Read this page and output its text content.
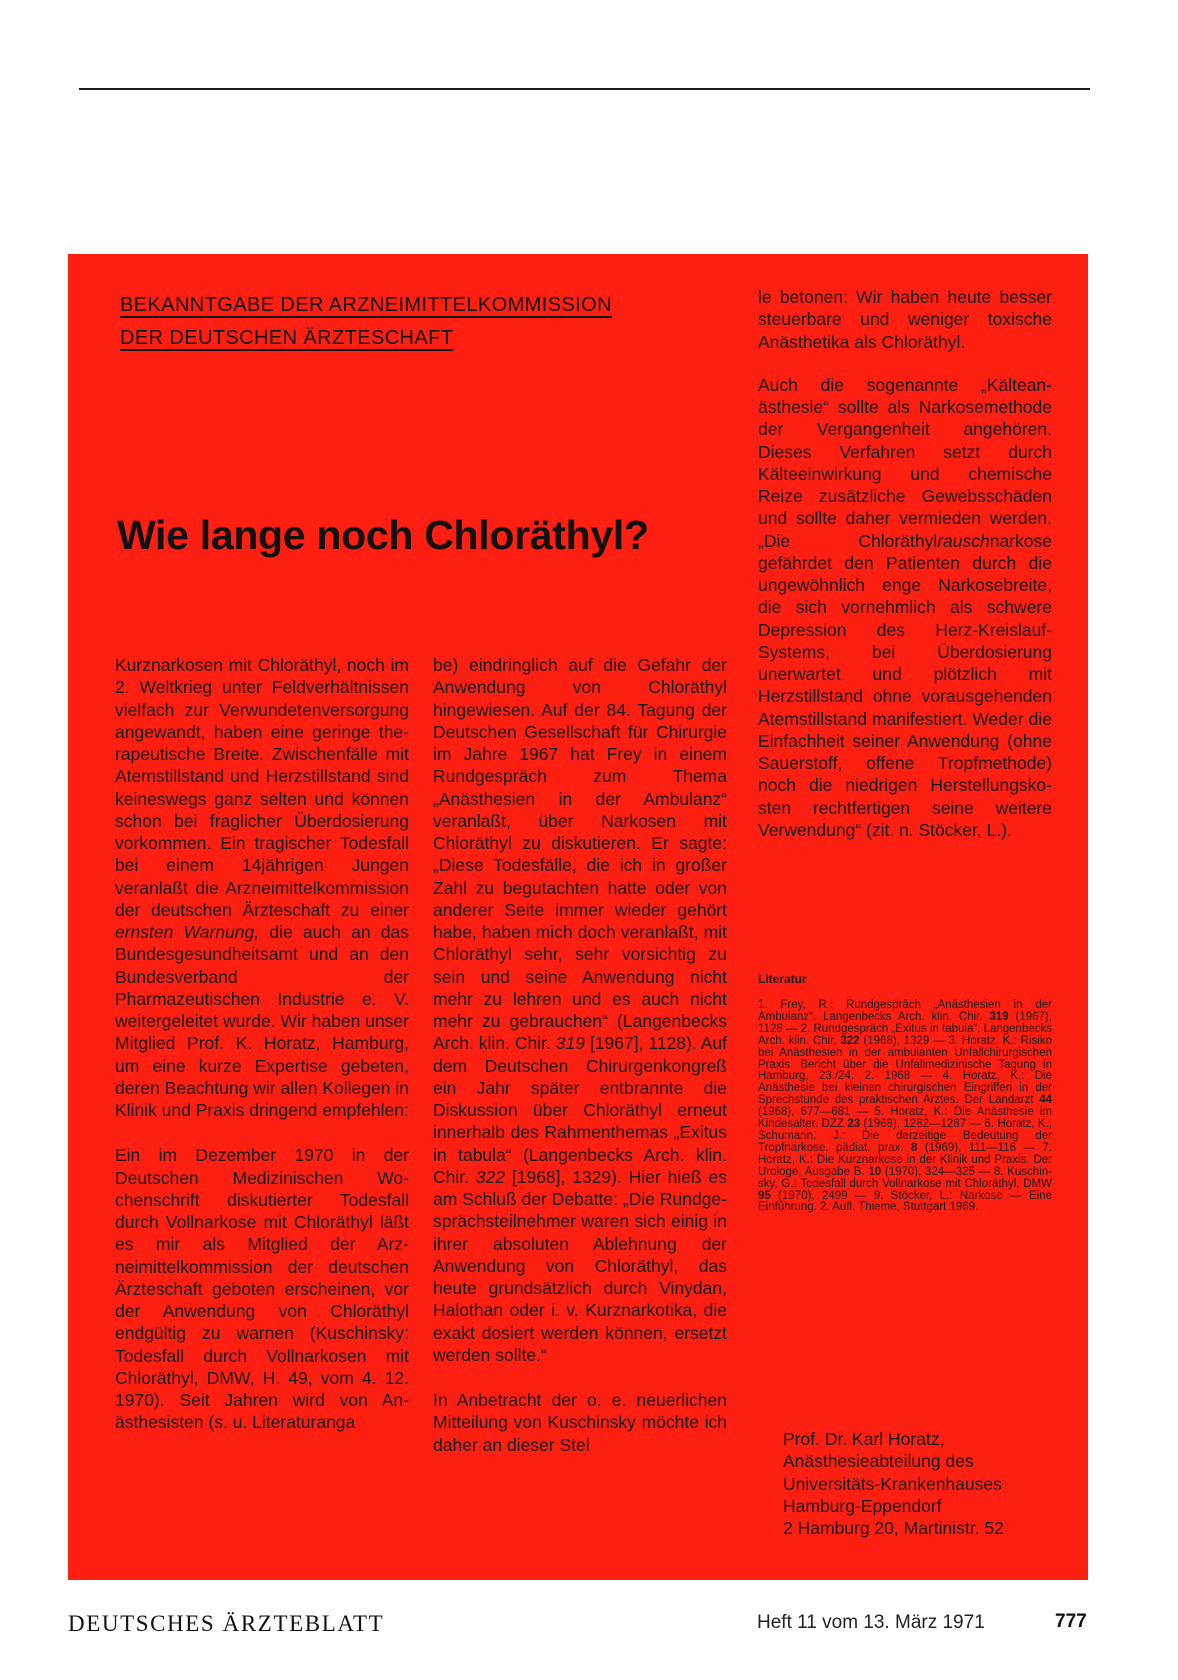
BEKANNTGABE DER ARZNEIMITTELKOMMISSION
DER DEUTSCHEN ÄRZTESCHAFT
Wie lange noch Chloräthyl?

Kurznarkosen mit Chloräthyl, noch im 2. Weltkrieg unter Feldverhältnissen vielfach zur Verwundetenversorgung angewandt, haben eine geringe therapeutische Breite. Zwischenfälle mit Atemstillstand und Herzstillstand sind keineswegs ganz selten und können schon bei fraglicher Überdosierung vorkommen. Ein tragischer Todesfall bei einem 14jährigen Jungen veranlaßt die Arzneimittelkommission der deutschen Ärzteschaft zu einer ernsten Warnung, die auch an das Bundesgesundheitsamt und an den Bundesverband der Pharmazeutischen Industrie e. V. weitergeleitet wurde. Wir haben unser Mitglied Prof. K. Horatz, Hamburg, um eine kurze Expertise gebeten, deren Beachtung wir allen Kollegen in Klinik und Praxis dringend empfehlen:

Ein im Dezember 1970 in der Deutschen Medizinischen Wochenschrift diskutierter Todesfall durch Vollnarkose mit Chloräthyl läßt es mir als Mitglied der Arzneimittelkommission der deutschen Ärzteschaft geboten erscheinen, vor der Anwendung von Chloräthyl endgültig zu warnen (Kuschinsky: Todesfall durch Vollnarkosen mit Chloräthyl, DMW, H. 49, vom 4. 12. 1970). Seit Jahren wird von Anästhesisten (s. u. Literaturanga

be) eindringlich auf die Gefahr der Anwendung von Chloräthyl hingewiesen. Auf der 84. Tagung der Deutschen Gesellschaft für Chirurgie im Jahre 1967 hat Frey in einem Rundgespräch zum Thema „Anästhesien in der Ambulanz“ veranlaßt, über Narkosen mit Chloräthyl zu diskutieren. Er sagte: „Diese Todesfälle, die ich in großer Zahl zu begutachten hatte oder von anderer Seite immer wieder gehört habe, haben mich doch veranlaßt, mit Chloräthyl sehr, sehr vorsichtig zu sein und seine Anwendung nicht mehr zu lehren und es auch nicht mehr zu gebrauchen“ (Langenbecks Arch. klin. Chir. 319 [1967], 1128). Auf dem Deutschen Chirurgenkongreß ein Jahr später entbrannte die Diskussion über Chloräthyl erneut innerhalb des Rahmenthemas „Exitus in tabula“ (Langenbecks Arch. klin. Chir. 322 [1968], 1329). Hier hieß es am Schluß der Debatte: „Die Rundgesprächsteilnehmer waren sich einig in ihrer absoluten Ablehnung der Anwendung von Chloräthyl, das heute grundsätzlich durch Vinydan, Halothan oder i. v. Kurznarkotika, die exakt dosiert werden können, ersetzt werden sollte.“

In Anbetracht der o. e. neuerlichen Mitteilung von Kuschinsky möchte ich daher an dieser Stel

le betonen: Wir haben heute besser steuerbare und weniger toxische Anästhetika als Chloräthyl.

Auch die sogenannte „Kälteanästhesie“ sollte als Narkosemethode der Vergangenheit angehören. Dieses Verfahren setzt durch Kälteeinwirkung und chemische Reize zusätzliche Gewebsschäden und sollte daher vermieden werden. „Die Chloräthylrauschnarkose gefährdet den Patienten durch die ungewöhnlich enge Narkosebreite, die sich vornehmlich als schwere Depression des Herz-Kreislauf-Systems, bei Überdosierung unerwartet und plötzlich mit Herzstillstand ohne vorausgehenden Atemstillstand manifestiert. Weder die Einfachheit seiner Anwendung (ohne Sauerstoff, offene Tropfmethode) noch die niedrigen Herstellungskosten rechtfertigen seine weitere Verwendung“ (zit. n. Stöcker, L.).

Literatur
1. Frey, R.: Rundgespräch „Anästhesien in der Ambulanz“. Langenbecks Arch. klin. Chir. 319 (1967), 1128 — 2. Rundgespräch „Exitus in tabula“. Langenbecks Arch. klin. Chir. 322 (1968), 1329 — 3. Horatz, K.: Risiko bei Anästhesien in der ambulanten Unfallchirurgischen Praxis. Bericht über die Unfallmedizinische Tagung in Hamburg, 23./24. 2. 1968 — 4. Horatz, K.: Die Anästhesie bei kleinen chirurgischen Eingriffen in der Sprechstunde des praktischen Arztes. Der Landarzt 44 (1968), 677—681 — 5. Horatz, K.: Die Anästhesie im Kindesalter. DZZ 23 (1968), 1282—1287 — 6. Horatz, K., Schumann, J.: Die derzeitige Bedeutung der Tropfnarkose. pädiat. prax. 8 (1969), 111—116 — 7. Horatz, K.: Die Kurznarkose in der Klinik und Praxis. Der Urologe, Ausgabe B. 10 (1970), 324—325 — 8. Kuschinsky, G.: Todesfall durch Vollnarkose mit Chloräthyl. DMW 95 (1970), 2499 — 9. Stöcker, L.: Narkose — Eine Einführung. 2. Aufl. Thieme, Stuttgart 1969.
Prof. Dr. Karl Horatz,
Anästhesieabteilung des
Universitäts-Krankenhauses
Hamburg-Eppendorf
2 Hamburg 20, Martinistr. 52
DEUTSCHES ÄRZTEBLATT	Heft 11 vom 13. März 1971	777
